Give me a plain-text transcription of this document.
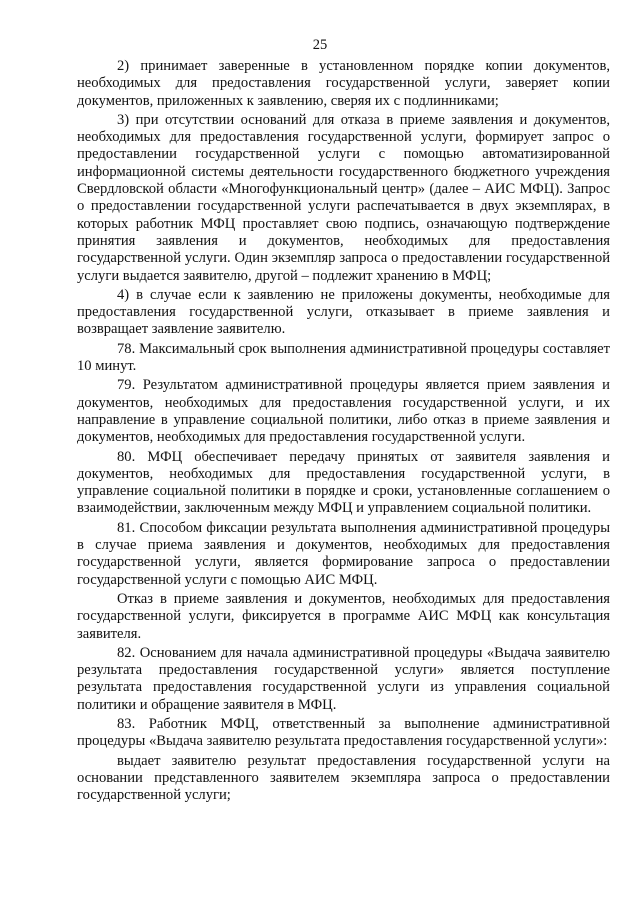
25

2) принимает заверенные в установленном порядке копии документов, необходимых для предоставления государственной услуги, заверяет копии документов, приложенных к заявлению, сверяя их с подлинниками;

3) при отсутствии оснований для отказа в приеме заявления и документов, необходимых для предоставления государственной услуги, формирует запрос о предоставлении государственной услуги с помощью автоматизированной информационной системы деятельности государственного бюджетного учреждения Свердловской области «Многофункциональный центр» (далее – АИС МФЦ). Запрос о предоставлении государственной услуги распечатывается в двух экземплярах, в которых работник МФЦ проставляет свою подпись, означающую подтверждение принятия заявления и документов, необходимых для предоставления государственной услуги. Один экземпляр запроса о предоставлении государственной услуги выдается заявителю, другой – подлежит хранению в МФЦ;

4) в случае если к заявлению не приложены документы, необходимые для предоставления государственной услуги, отказывает в приеме заявления и возвращает заявление заявителю.

78. Максимальный срок выполнения административной процедуры составляет 10 минут.

79. Результатом административной процедуры является прием заявления и документов, необходимых для предоставления государственной услуги, и их направление в управление социальной политики, либо отказ в приеме заявления и документов, необходимых для предоставления государственной услуги.

80. МФЦ обеспечивает передачу принятых от заявителя заявления и документов, необходимых для предоставления государственной услуги, в управление социальной политики в порядке и сроки, установленные соглашением о взаимодействии, заключенным между МФЦ и управлением социальной политики.

81. Способом фиксации результата выполнения административной процедуры в случае приема заявления и документов, необходимых для предоставления государственной услуги, является формирование запроса о предоставлении государственной услуги с помощью АИС МФЦ.

Отказ в приеме заявления и документов, необходимых для предоставления государственной услуги, фиксируется в программе АИС МФЦ как консультация заявителя.

82. Основанием для начала административной процедуры «Выдача заявителю результата предоставления государственной услуги» является поступление результата предоставления государственной услуги из управления социальной политики и обращение заявителя в МФЦ.

83. Работник МФЦ, ответственный за выполнение административной процедуры «Выдача заявителю результата предоставления государственной услуги»:

выдает заявителю результат предоставления государственной услуги на основании представленного заявителем экземпляра запроса о предоставлении государственной услуги;
